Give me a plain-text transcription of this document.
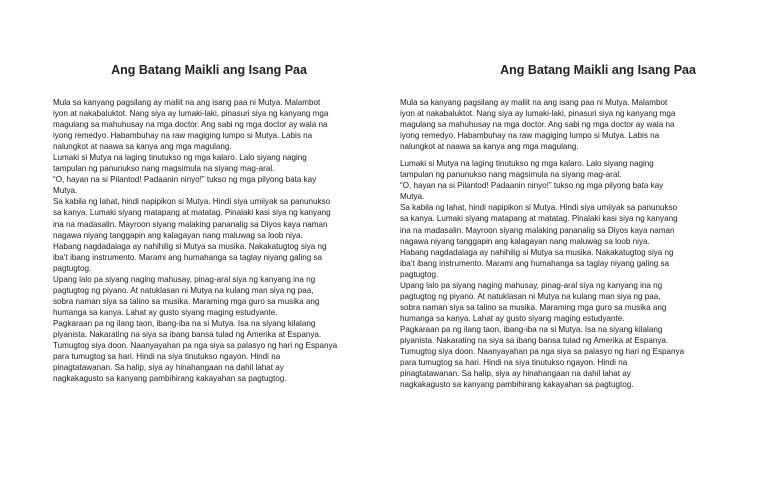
Ang Batang Maikli ang Isang Paa
Mula sa kanyang pagsilang ay maliit na ang isang paa ni Mutya. Malambot
iyon at nakabaluktot. Nang siya ay lumaki-laki, pinasuri siya ng kanyang mga
magulang sa mahuhusay na mga doctor. Ang sabi ng mga doctor ay wala na
iyong remedyo. Habambuhay na raw magiging lumpo si Mutya. Labis na
nalungkot at naawa sa kanya ang mga magulang.
Lumaki si Mutya na laging tinutukso ng mga kalaro. Lalo siyang naging
tampulan ng panunukso nang magsimula na siyang mag-aral.
“O, hayan na si Pilantod! Padaanin ninyo!” tukso ng mga pilyong bata kay
Mutya.
Sa kabila ng lahat, hindi napipikon si Mutya. Hindi siya umiiyak sa panunukso
sa kanya. Lumaki siyang matapang at matatag. Pinalaki kasi siya ng kanyang
ina na madasalin. Mayroon siyang malaking pananalig sa Diyos kaya naman
nagawa niyang tanggapin ang kalagayan nang maluwag sa loob niya.
Habang nagdadalaga ay nahihilig si Mutya sa musika. Nakakatugtog siya ng
iba’t ibang instrumento. Marami ang humahanga sa taglay niyang galing sa
pagtugtog.
Upang lalo pa siyang naging mahusay, pinag-aral siya ng kanyang ina ng
pagtugtog ng piyano. At natuklasan ni Mutya na kulang man siya ng paa,
sobra naman siya sa talino sa musika. Maraming mga guro sa musika ang
humanga sa kanya. Lahat ay gusto siyang maging estudyante.
Pagkaraan pa ng ilang taon, ibang-iba na si Mutya. Isa na siyang kilalang
piyanista. Nakarating na siya sa ibang bansa tulad ng Amerika at Espanya.
Tumugtog siya doon. Naanyayahan pa nga siya sa palasyo ng hari ng Espanya
para tumugtog sa hari. Hindi na siya tinutukso ngayon. Hindi na
pinagtatawanan. Sa halip, siya ay hinahangaan na dahil lahat ay
nagkakagusto sa kanyang pambihirang kakayahan sa pagtugtog.
Ang Batang Maikli ang Isang Paa
Mula sa kanyang pagsilang ay maliit na ang isang paa ni Mutya. Malambot
iyon at nakabaluktot. Nang siya ay lumaki-laki, pinasuri siya ng kanyang mga
magulang sa mahuhusay na mga doctor. Ang sabi ng mga doctor ay wala na
iyong remedyo. Habambuhay na raw magiging lumpo si Mutya. Labis na
nalungkot at naawa sa kanya ang mga magulang.
Lumaki si Mutya na laging tinutukso ng mga kalaro. Lalo siyang naging
tampulan ng panunukso nang magsimula na siyang mag-aral.
“O, hayan na si Pilantod! Padaanin ninyo!” tukso ng mga pilyong bata kay
Mutya.
Sa kabila ng lahat, hindi napipikon si Mutya. Hindi siya umiiyak sa panunukso
sa kanya. Lumaki siyang matapang at matatag. Pinalaki kasi siya ng kanyang
ina na madasalin. Mayroon siyang malaking pananalig sa Diyos kaya naman
nagawa niyang tanggapin ang kalagayan nang maluwag sa loob niya.
Habang nagdadalaga ay nahihilig si Mutya sa musika. Nakakatugtog siya ng
iba’t ibang instrumento. Marami ang humahanga sa taglay niyang galing sa
pagtugtog.
Upang lalo pa siyang naging mahusay, pinag-aral siya ng kanyang ina ng
pagtugtog ng piyano. At natuklasan ni Mutya na kulang man siya ng paa,
sobra naman siya sa talino sa musika. Maraming mga guro sa musika ang
humanga sa kanya. Lahat ay gusto siyang maging estudyante.
Pagkaraan pa ng ilang taon, ibang-iba na si Mutya. Isa na siyang kilalang
piyanista. Nakarating na siya sa ibang bansa tulad ng Amerika at Espanya.
Tumugtog siya doon. Naanyayahan pa nga siya sa palasyo ng hari ng Espanya
para tumugtog sa hari. Hindi na siya tinutukso ngayon. Hindi na
pinagtatawanan. Sa halip, siya ay hinahangaan na dahil lahat ay
nagkakagusto sa kanyang pambihirang kakayahan sa pagtugtog.
